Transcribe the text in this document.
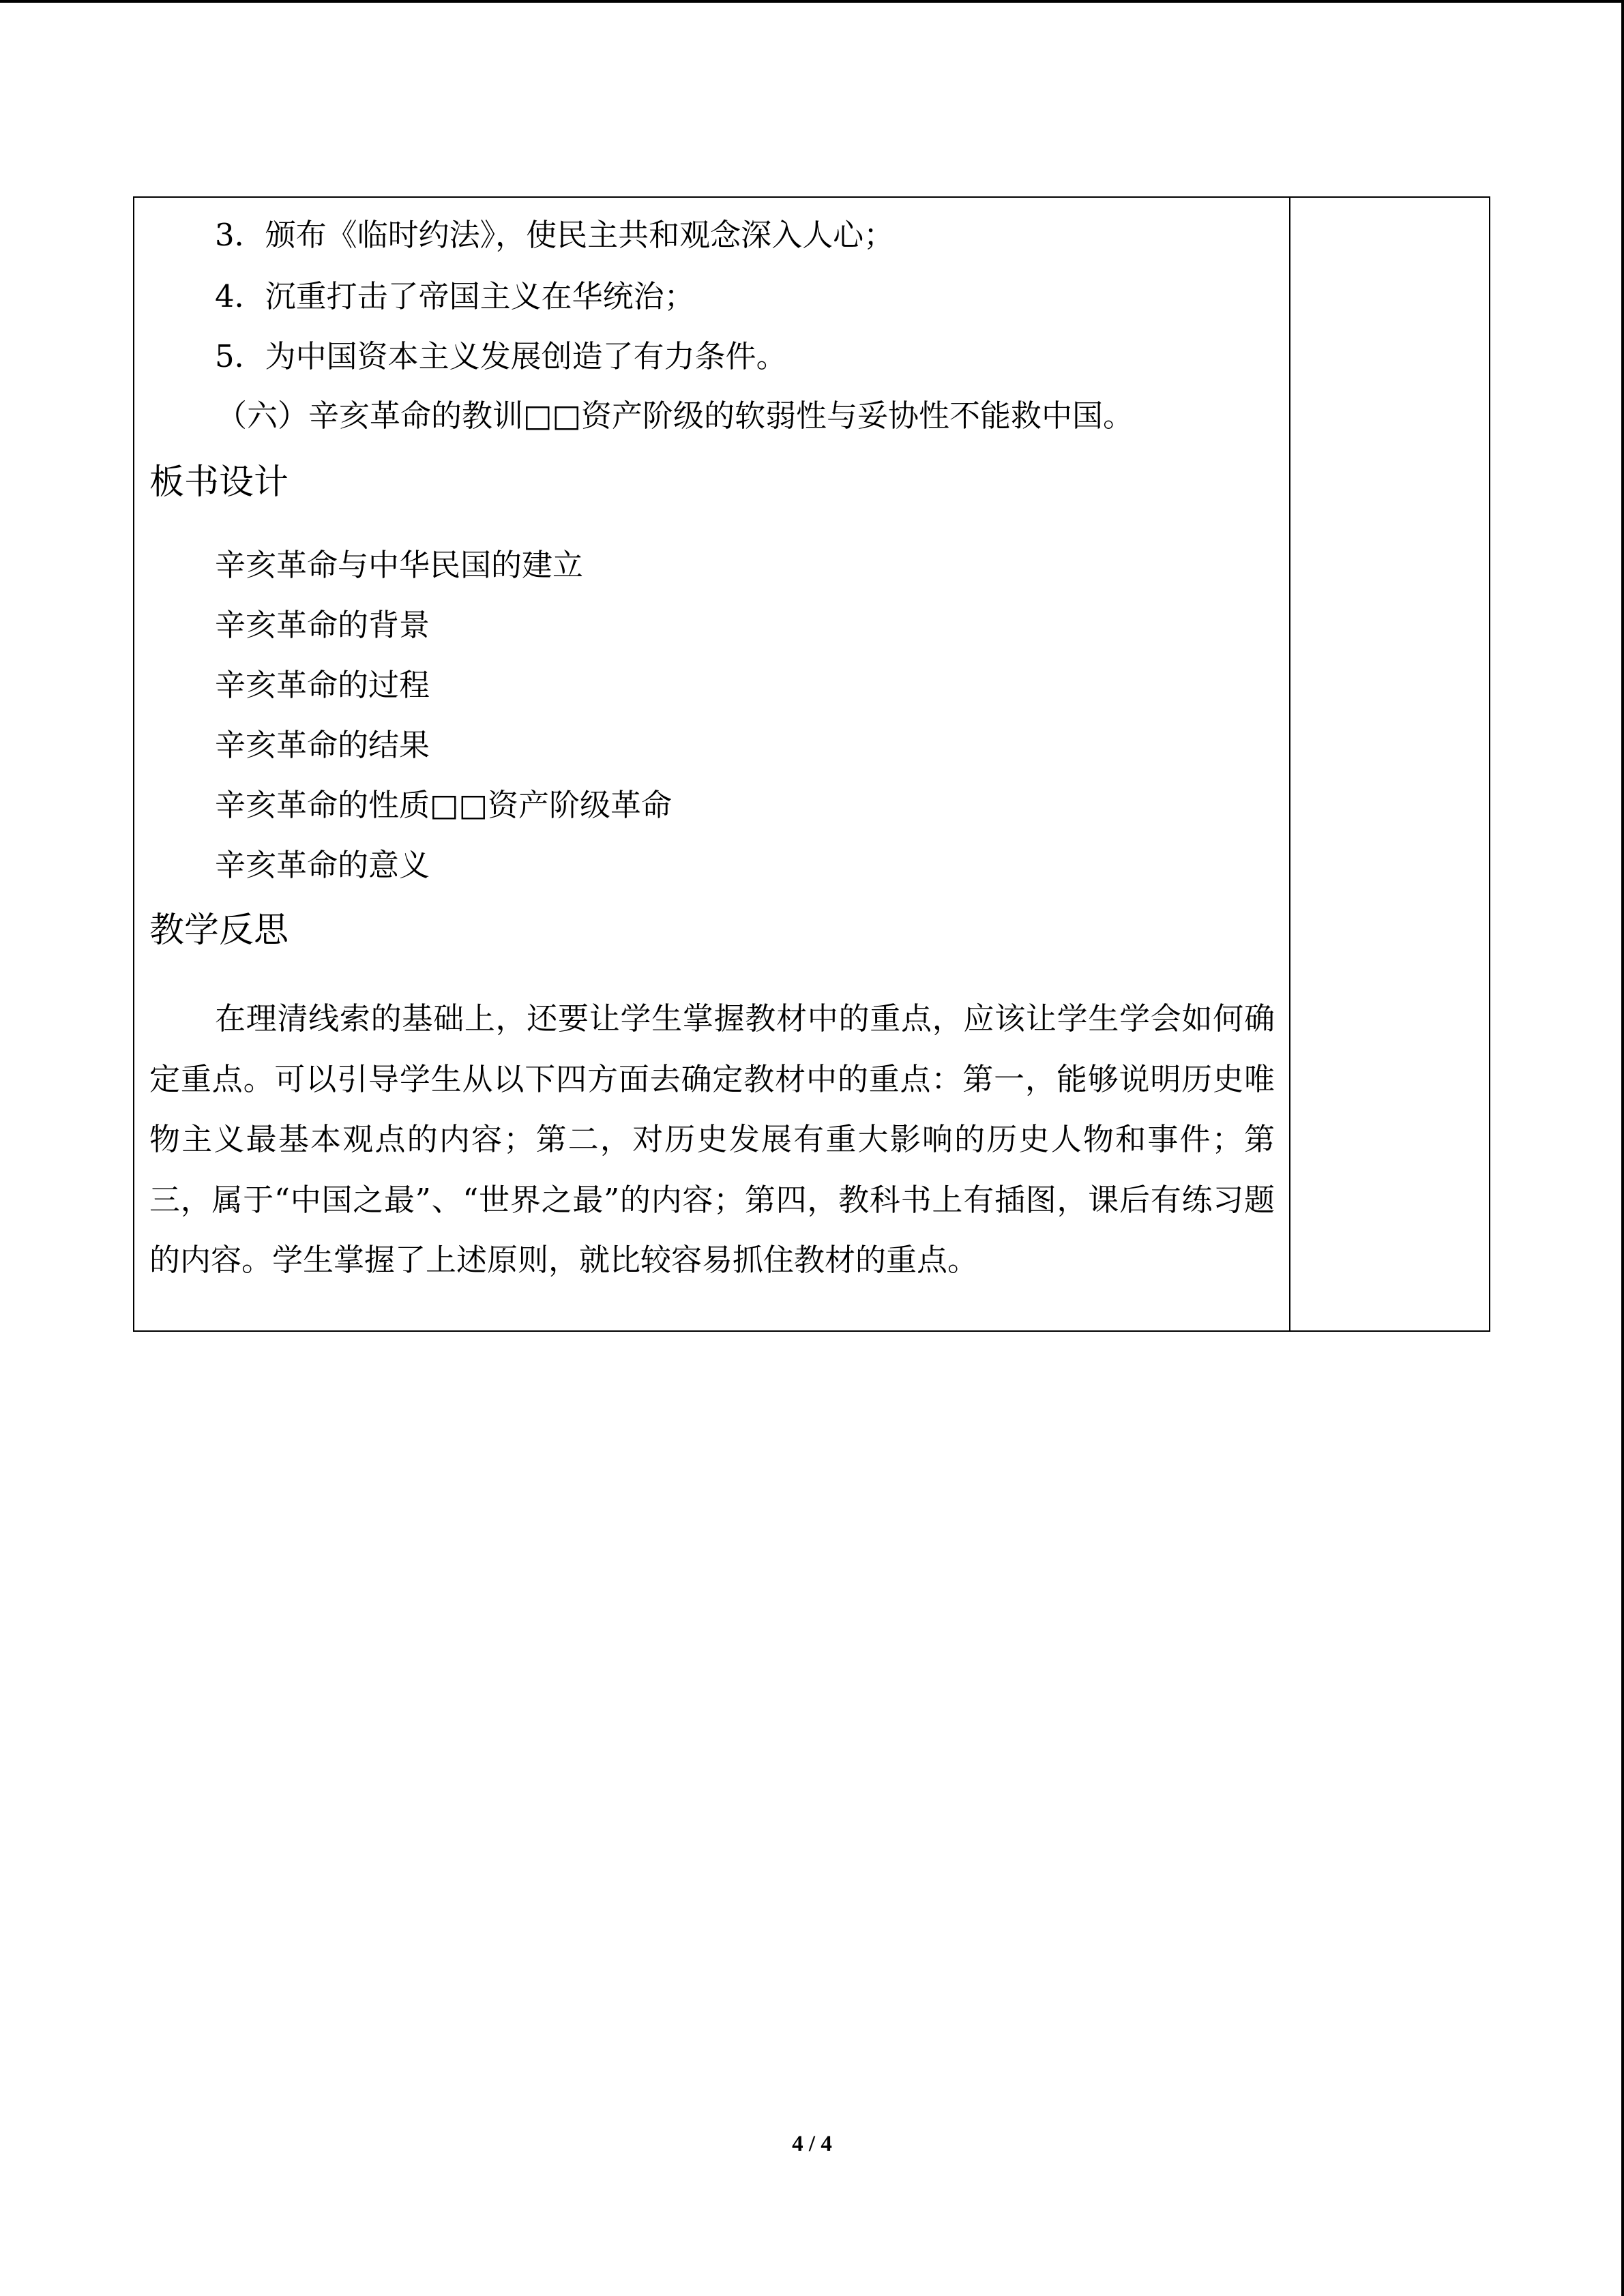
3．颁布《临时约法》，使民主共和观念深入人心；
4．沉重打击了帝国主义在华统治；
5．为中国资本主义发展创造了有力条件。
（六）辛亥革命的教训□□资产阶级的软弱性与妥协性不能救中国。
板书设计
辛亥革命与中华民国的建立
辛亥革命的背景
辛亥革命的过程
辛亥革命的结果
辛亥革命的性质□□资产阶级革命
辛亥革命的意义
教学反思
在理清线索的基础上，还要让学生掌握教材中的重点，应该让学生学会如何确定重点。可以引导学生从以下四方面去确定教材中的重点：第一，能够说明历史唯物主义最基本观点的内容；第二，对历史发展有重大影响的历史人物和事件；第三，属于“中国之最”、“世界之最”的内容；第四，教科书上有插图，课后有练习题的内容。学生掌握了上述原则，就比较容易抓住教材的重点。
4 / 4
